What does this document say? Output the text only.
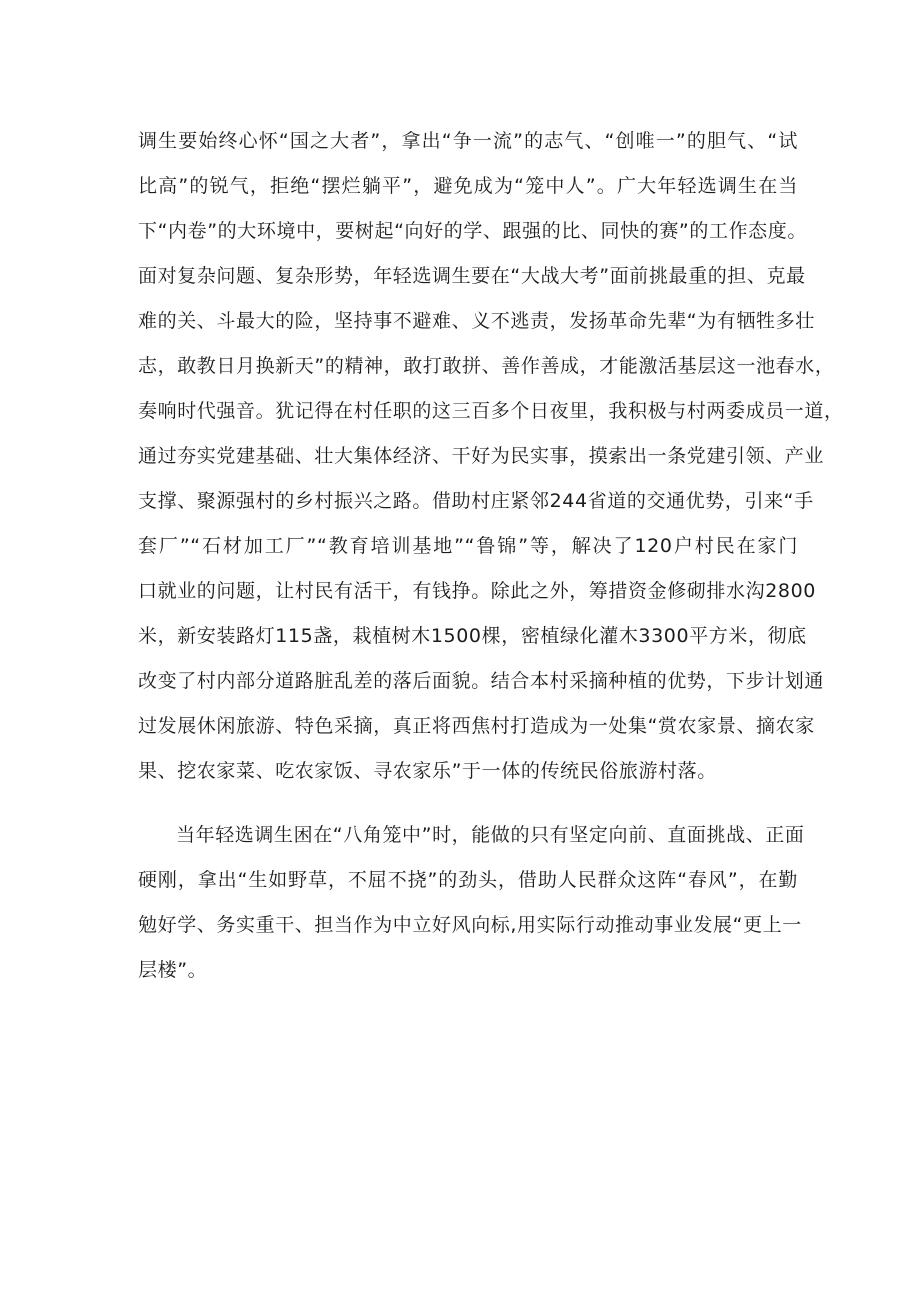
调生要始终心怀“国之大者”，拿出“争一流”的志气、“创唯一”的胆气、“试
比高”的锐气，拒绝“摆烂躺平”，避免成为“笼中人”。广大年轻选调生在当
下“内卷”的大环境中，要树起“向好的学、跟强的比、同快的赛”的工作态度。
面对复杂问题、复杂形势，年轻选调生要在“大战大考”面前挑最重的担、克最
难的关、斗最大的险，坚持事不避难、义不逃责，发扬革命先辈“为有牺牲多壮
志，敢教日月换新天”的精神，敢打敢拼、善作善成，才能激活基层这一池春水，
奏响时代强音。犹记得在村任职的这三百多个日夜里，我积极与村两委成员一道，
通过夯实党建基础、壮大集体经济、干好为民实事，摸索出一条党建引领、产业
支撑、聚源强村的乡村振兴之路。借助村庄紧邻244省道的交通优势，引来“手
套厂”“石材加工厂”“教育培训基地”“鲁锦”等，解决了120户村民在家门
口就业的问题，让村民有活干，有钱挣。除此之外，筹措资金修砌排水沟2800
米，新安装路灯115盏，栽植树木1500棵，密植绿化灌木3300平方米，彻底
改变了村内部分道路脏乱差的落后面貌。结合本村采摘种植的优势，下步计划通
过发展休闲旅游、特色采摘，真正将西焦村打造成为一处集“赏农家景、摘农家
果、挖农家菜、吃农家饭、寻农家乐”于一体的传统民俗旅游村落。
当年轻选调生困在“八角笼中”时，能做的只有坚定向前、直面挑战、正面
硬刚，拿出“生如野草，不屈不挠”的劲头，借助人民群众这阵“春风”，在勤
勉好学、务实重干、担当作为中立好风向标,用实际行动推动事业发展“更上一
层楼”。
